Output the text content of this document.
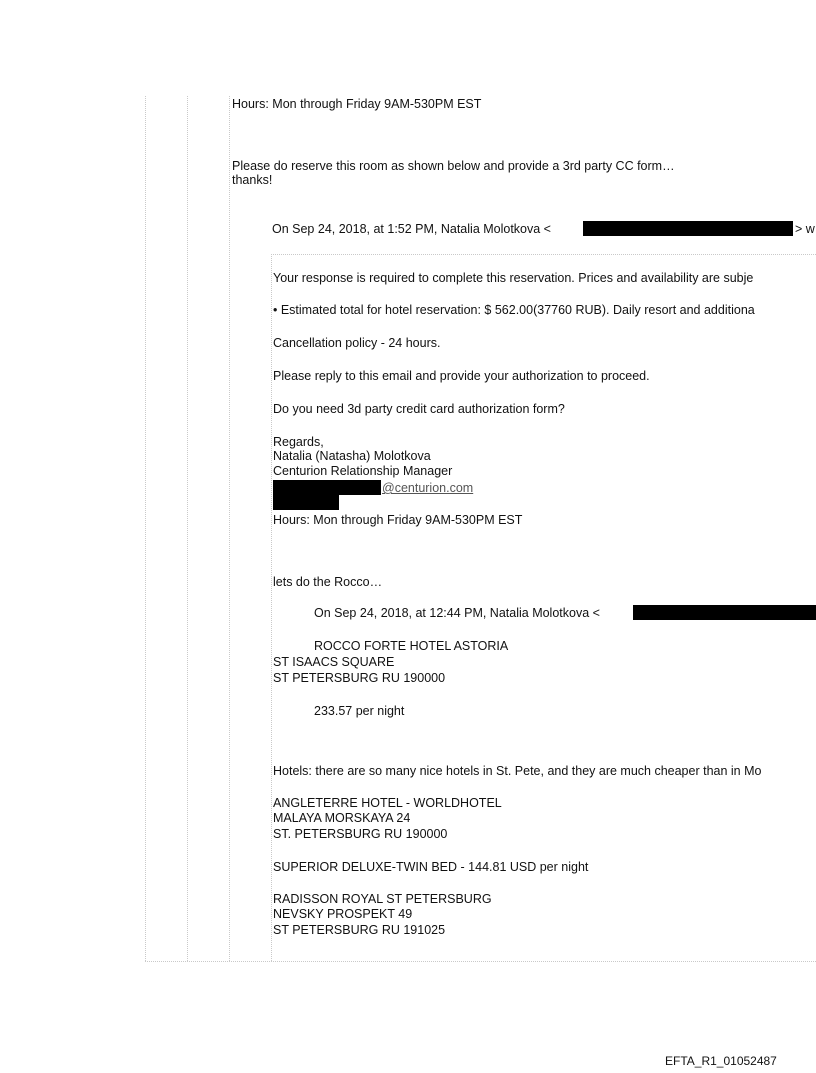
Hours: Mon through Friday 9AM-530PM EST
Please do reserve this room as shown below and provide a 3rd party CC form…
thanks!
On Sep 24, 2018, at 1:52 PM, Natalia Molotkova <	> w
Your response is required to complete this reservation. Prices and availability are subje
• Estimated total for hotel reservation: $ 562.00(37760 RUB). Daily resort and additiona
Cancellation policy - 24 hours.
Please reply to this email and provide your authorization to proceed.
Do you need 3d party credit card authorization form?
Regards,
Natalia (Natasha) Molotkova
Centurion Relationship Manager
@centurion.com
Hours: Mon through Friday 9AM-530PM EST
lets do the Rocco…
On Sep 24, 2018, at 12:44 PM, Natalia Molotkova <
ROCCO FORTE HOTEL ASTORIA
ST ISAACS SQUARE
ST PETERSBURG RU 190000
233.57 per night
Hotels: there are so many nice hotels in St. Pete, and they are much cheaper than in Mo
ANGLETERRE HOTEL - WORLDHOTEL
MALAYA MORSKAYA 24
ST. PETERSBURG RU 190000
SUPERIOR DELUXE-TWIN BED - 144.81 USD per night
RADISSON ROYAL ST PETERSBURG
NEVSKY PROSPEKT 49
ST PETERSBURG RU 191025
EFTA_R1_01052487
